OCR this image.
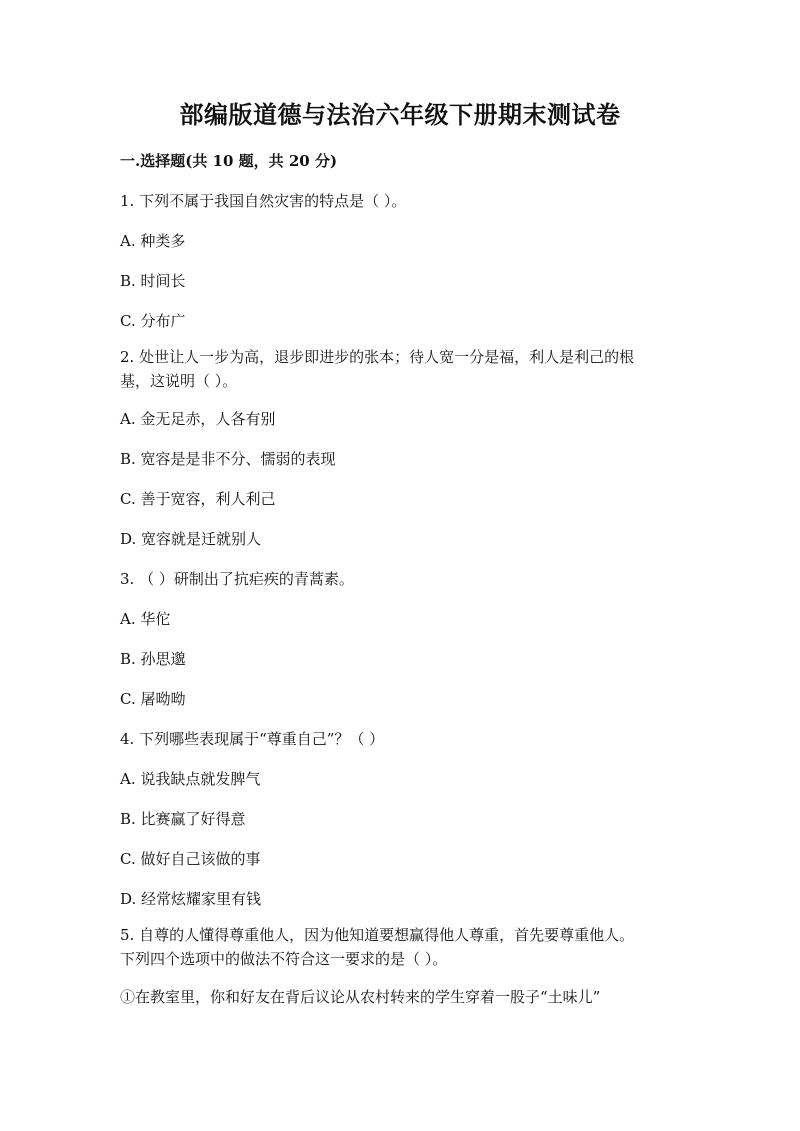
部编版道德与法治六年级下册期末测试卷
一.选择题(共 10 题，共 20 分)
1. 下列不属于我国自然灾害的特点是（ ）。
A. 种类多
B. 时间长
C. 分布广
2. 处世让人一步为高，退步即进步的张本；待人宽一分是福，利人是利己的根
基，这说明（ ）。
A. 金无足赤，人各有别
B. 宽容是是非不分、懦弱的表现
C. 善于宽容，利人利己
D. 宽容就是迁就别人
3. （ ）研制出了抗疟疾的青蒿素。
A. 华佗
B. 孙思邈
C. 屠呦呦
4. 下列哪些表现属于“尊重自己”？（ ）
A. 说我缺点就发脾气
B. 比赛赢了好得意
C. 做好自己该做的事
D. 经常炫耀家里有钱
5. 自尊的人懂得尊重他人，因为他知道要想赢得他人尊重，首先要尊重他人。
下列四个选项中的做法不符合这一要求的是（ ）。
①在教室里，你和好友在背后议论从农村转来的学生穿着一股子“土味儿”
